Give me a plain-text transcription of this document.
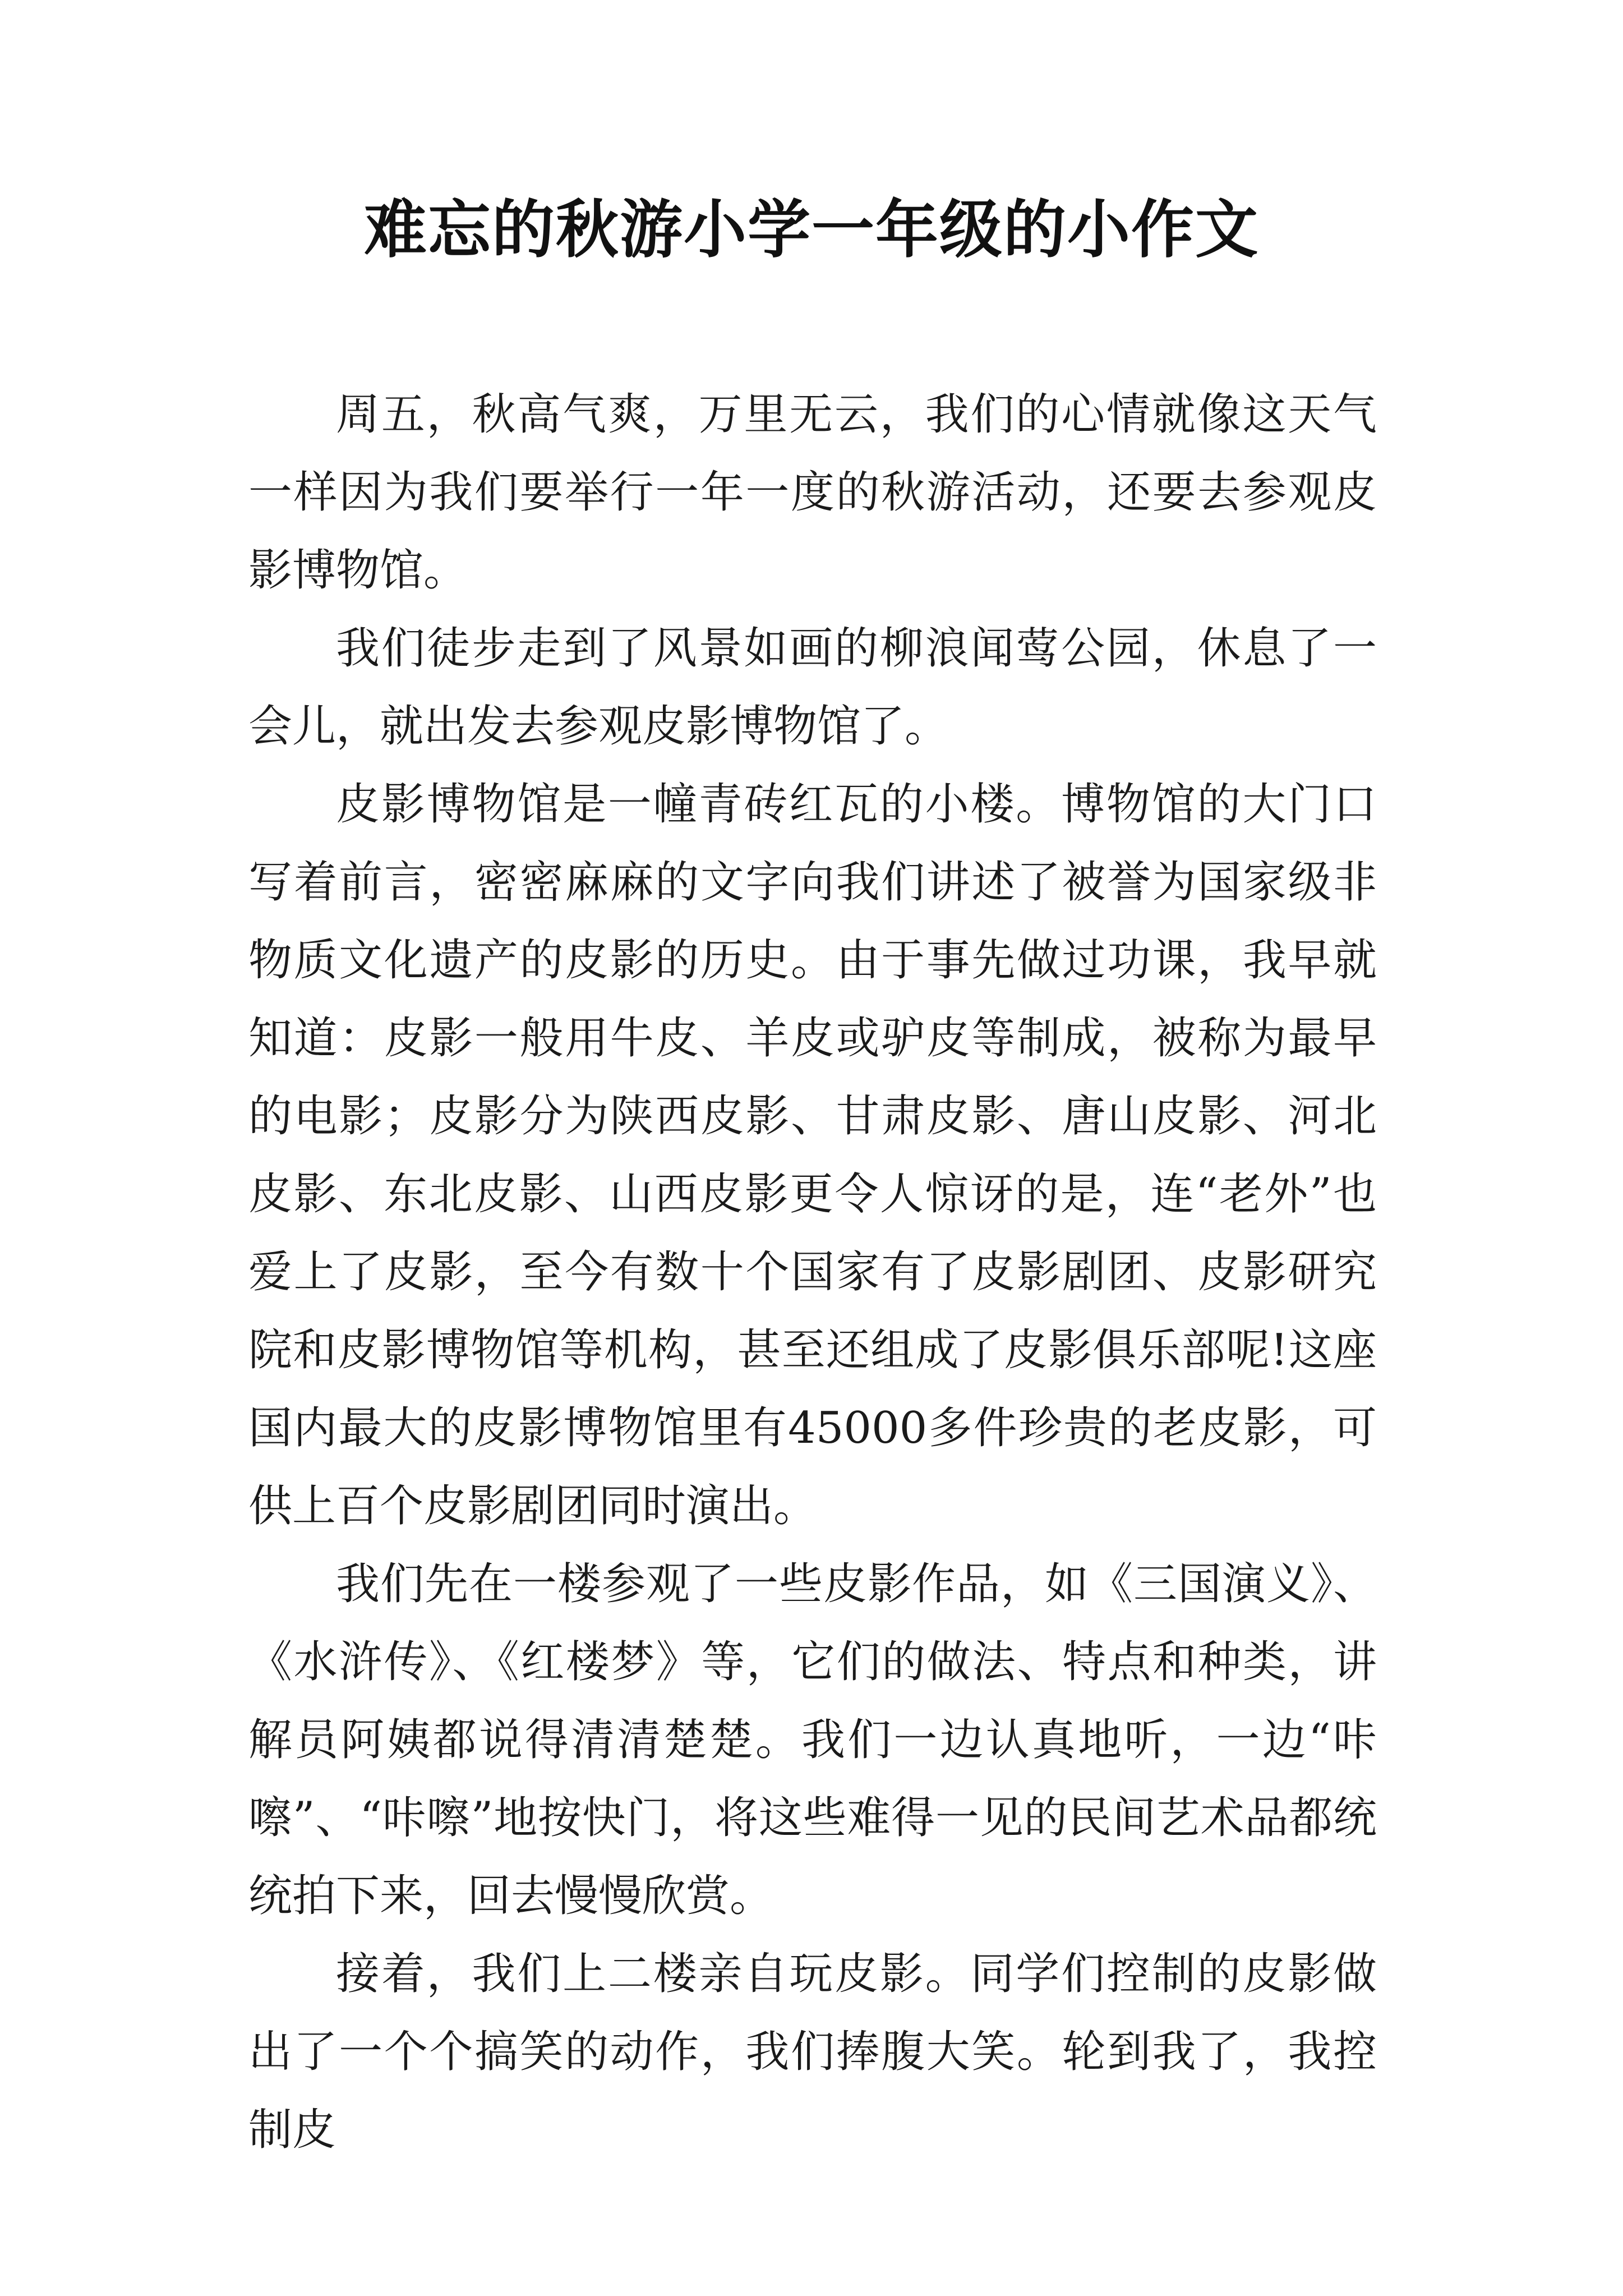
难忘的秋游小学一年级的小作文

周五，秋高气爽，万里无云，我们的心情就像这天气一样因为我们要举行一年一度的秋游活动，还要去参观皮影博物馆。

我们徒步走到了风景如画的柳浪闻莺公园，休息了一会儿，就出发去参观皮影博物馆了。

皮影博物馆是一幢青砖红瓦的小楼。博物馆的大门口写着前言，密密麻麻的文字向我们讲述了被誉为国家级非物质文化遗产的皮影的历史。由于事先做过功课，我早就知道：皮影一般用牛皮、羊皮或驴皮等制成，被称为最早的电影；皮影分为陕西皮影、甘肃皮影、唐山皮影、河北皮影、东北皮影、山西皮影更令人惊讶的是，连“老外”也爱上了皮影，至今有数十个国家有了皮影剧团、皮影研究院和皮影博物馆等机构，甚至还组成了皮影俱乐部呢!这座国内最大的皮影博物馆里有45000多件珍贵的老皮影，可供上百个皮影剧团同时演出。

我们先在一楼参观了一些皮影作品，如《三国演义》、《水浒传》、《红楼梦》等，它们的做法、特点和种类，讲解员阿姨都说得清清楚楚。我们一边认真地听，一边“咔嚓”、“咔嚓”地按快门，将这些难得一见的民间艺术品都统统拍下来，回去慢慢欣赏。

接着，我们上二楼亲自玩皮影。同学们控制的皮影做出了一个个搞笑的动作，我们捧腹大笑。轮到我了，我控制皮
